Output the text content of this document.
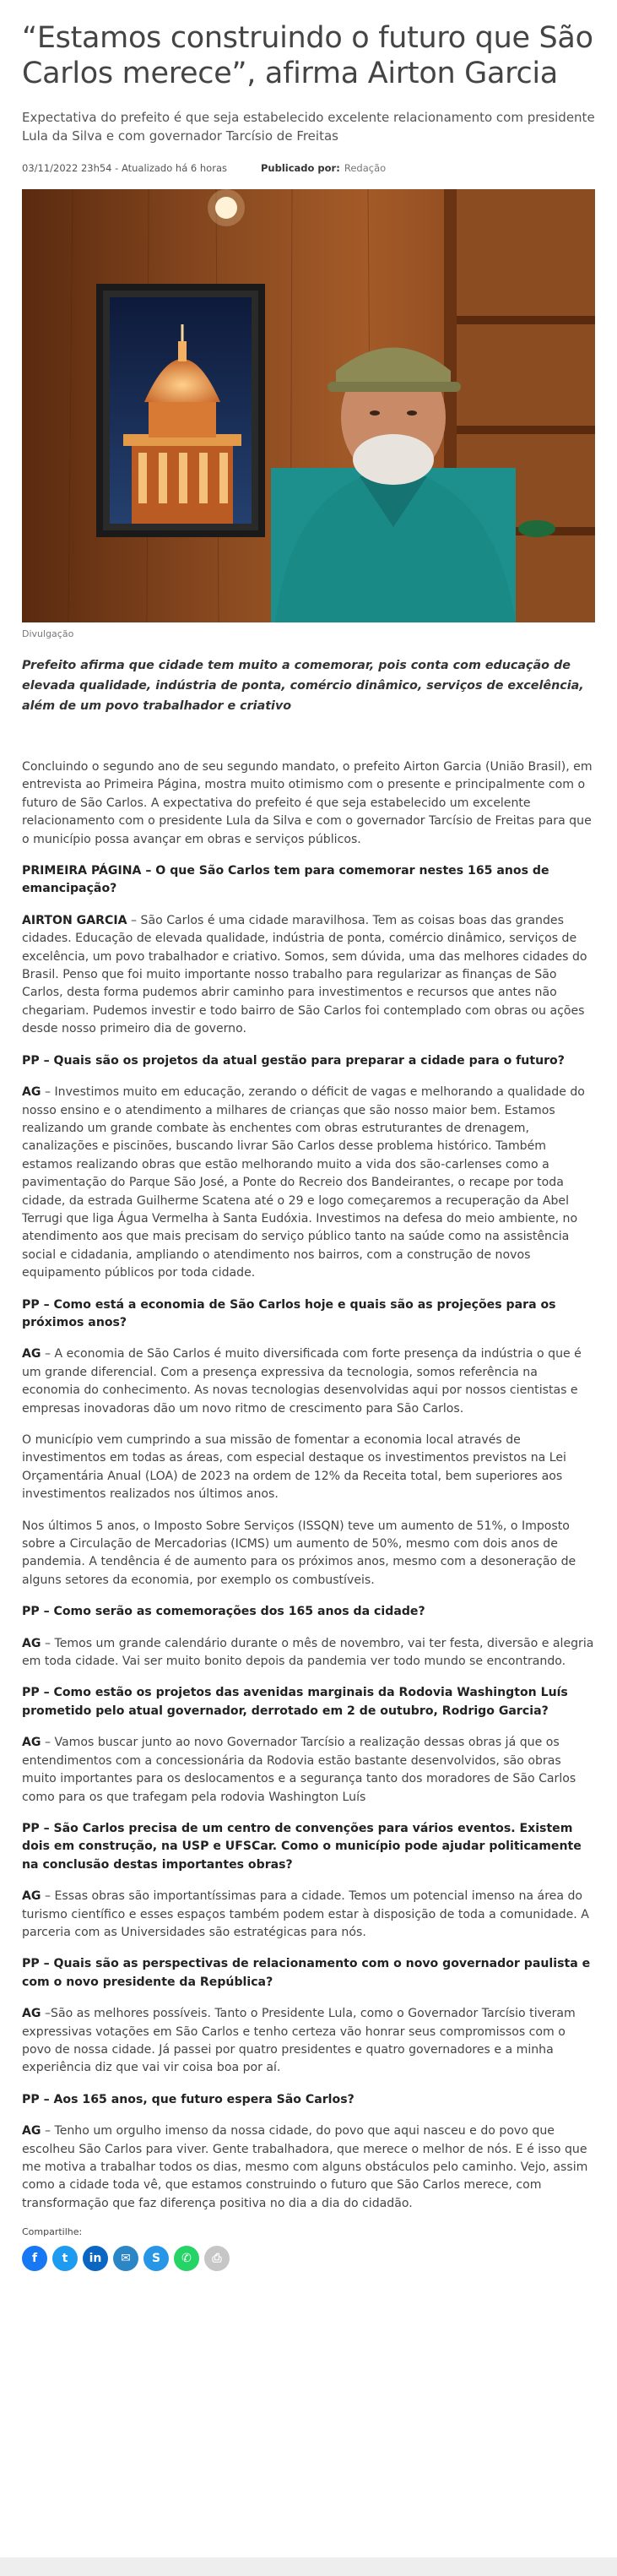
“Estamos construindo o futuro que São Carlos merece”, afirma Airton Garcia

Expectativa do prefeito é que seja estabelecido excelente relacionamento com presidente Lula da Silva e com governador Tarcísio de Freitas

03/11/2022 23h54 - Atualizado há 6 horas	Publicado por: Redação

Divulgação

Prefeito afirma que cidade tem muito a comemorar, pois conta com educação de elevada qualidade, indústria de ponta, comércio dinâmico, serviços de excelência, além de um povo trabalhador e criativo

Concluindo o segundo ano de seu segundo mandato, o prefeito Airton Garcia (União Brasil), em entrevista ao Primeira Página, mostra muito otimismo com o presente e principalmente com o futuro de São Carlos. A expectativa do prefeito é que seja estabelecido um excelente relacionamento com o presidente Lula da Silva e com o governador Tarcísio de Freitas para que o município possa avançar em obras e serviços públicos.

PRIMEIRA PÁGINA – O que São Carlos tem para comemorar nestes 165 anos de emancipação?

AIRTON GARCIA – São Carlos é uma cidade maravilhosa. Tem as coisas boas das grandes cidades. Educação de elevada qualidade, indústria de ponta, comércio dinâmico, serviços de excelência, um povo trabalhador e criativo. Somos, sem dúvida, uma das melhores cidades do Brasil. Penso que foi muito importante nosso trabalho para regularizar as finanças de São Carlos, desta forma pudemos abrir caminho para investimentos e recursos que antes não chegariam. Pudemos investir e todo bairro de São Carlos foi contemplado com obras ou ações desde nosso primeiro dia de governo.

PP – Quais são os projetos da atual gestão para preparar a cidade para o futuro?

AG – Investimos muito em educação, zerando o déficit de vagas e melhorando a qualidade do nosso ensino e o atendimento a milhares de crianças que são nosso maior bem. Estamos realizando um grande combate às enchentes com obras estruturantes de drenagem, canalizações e piscinões, buscando livrar São Carlos desse problema histórico. Também estamos realizando obras que estão melhorando muito a vida dos são-carlenses como a pavimentação do Parque São José, a Ponte do Recreio dos Bandeirantes, o recape por toda cidade, da estrada Guilherme Scatena até o 29 e logo começaremos a recuperação da Abel Terrugi que liga Água Vermelha à Santa Eudóxia. Investimos na defesa do meio ambiente, no atendimento aos que mais precisam do serviço público tanto na saúde como na assistência social e cidadania, ampliando o atendimento nos bairros, com a construção de novos equipamento públicos por toda cidade.

PP – Como está a economia de São Carlos hoje e quais são as projeções para os próximos anos?

AG – A economia de São Carlos é muito diversificada com forte presença da indústria o que é um grande diferencial. Com a presença expressiva da tecnologia, somos referência na economia do conhecimento. As novas tecnologias desenvolvidas aqui por nossos cientistas e empresas inovadoras dão um novo ritmo de crescimento para São Carlos.

O município vem cumprindo a sua missão de fomentar a economia local através de investimentos em todas as áreas, com especial destaque os investimentos previstos na Lei Orçamentária Anual (LOA) de 2023 na ordem de 12% da Receita total, bem superiores aos investimentos realizados nos últimos anos.

Nos últimos 5 anos, o Imposto Sobre Serviços (ISSQN) teve um aumento de 51%, o Imposto sobre a Circulação de Mercadorias (ICMS) um aumento de 50%, mesmo com dois anos de pandemia. A tendência é de aumento para os próximos anos, mesmo com a desoneração de alguns setores da economia, por exemplo os combustíveis.

PP – Como serão as comemorações dos 165 anos da cidade?

AG – Temos um grande calendário durante o mês de novembro, vai ter festa, diversão e alegria em toda cidade. Vai ser muito bonito depois da pandemia ver todo mundo se encontrando.

PP – Como estão os projetos das avenidas marginais da Rodovia Washington Luís prometido pelo atual governador, derrotado em 2 de outubro, Rodrigo Garcia?

AG – Vamos buscar junto ao novo Governador Tarcísio a realização dessas obras já que os entendimentos com a concessionária da Rodovia estão bastante desenvolvidos, são obras muito importantes para os deslocamentos e a segurança tanto dos moradores de São Carlos como para os que trafegam pela rodovia Washington Luís

PP – São Carlos precisa de um centro de convenções para vários eventos. Existem dois em construção, na USP e UFSCar. Como o município pode ajudar politicamente na conclusão destas importantes obras?

AG – Essas obras são importantíssimas para a cidade. Temos um potencial imenso na área do turismo científico e esses espaços também podem estar à disposição de toda a comunidade. A parceria com as Universidades são estratégicas para nós.

PP – Quais são as perspectivas de relacionamento com o novo governador paulista e com o novo presidente da República?

AG –São as melhores possíveis. Tanto o Presidente Lula, como o Governador Tarcísio tiveram expressivas votações em São Carlos e tenho certeza vão honrar seus compromissos com o povo de nossa cidade. Já passei por quatro presidentes e quatro governadores e a minha experiência diz que vai vir coisa boa por aí.

PP – Aos 165 anos, que futuro espera São Carlos?

AG – Tenho um orgulho imenso da nossa cidade, do povo que aqui nasceu e do povo que escolheu São Carlos para viver. Gente trabalhadora, que merece o melhor de nós. E é isso que me motiva a trabalhar todos os dias, mesmo com alguns obstáculos pelo caminho. Vejo, assim como a cidade toda vê, que estamos construindo o futuro que São Carlos merece, com transformação que faz diferença positiva no dia a dia do cidadão.

Compartilhe:
f t in ✉ S ✆ ⎙
